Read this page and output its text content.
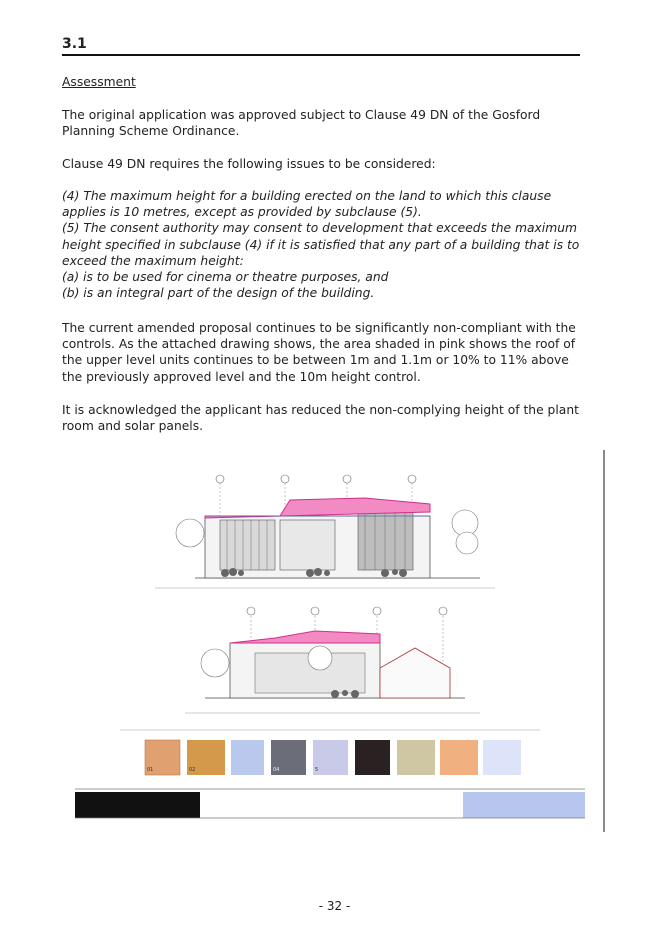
3.1
Assessment
The original application was approved subject to Clause 49 DN of the Gosford Planning Scheme Ordinance.
Clause 49 DN requires the following issues to be considered:
(4) The maximum height for a building erected on the land to which this clause applies is 10 metres, except as provided by subclause (5).
(5) The consent authority may consent to development that exceeds the maximum height specified in subclause (4) if it is satisfied that any part of a building that is to exceed the maximum height:
(a) is to be used for cinema or theatre purposes, and
(b) is an integral part of the design of the building.
The current amended proposal continues to be significantly non-compliant with the controls. As the attached drawing shows, the area shaded in pink shows the roof of the upper level units continues to be between 1m and 1.1m or 10% to 11% above the previously approved level and the 10m height control.
It is acknowledged the applicant has reduced the non-complying height of the plant room and solar panels.
01	02	04	5
- 32 -
